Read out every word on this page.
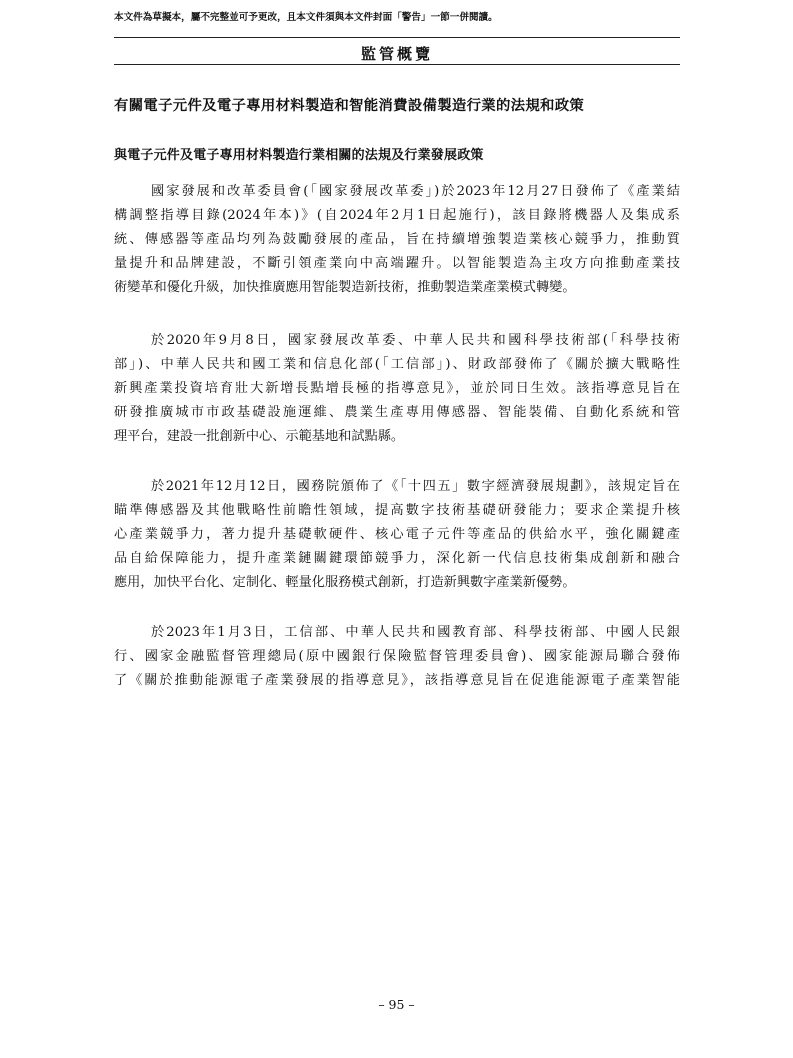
本文件為草擬本，屬不完整並可予更改，且本文件須與本文件封面「警告」一節一併閱讀。
監管概覽
有關電子元件及電子專用材料製造和智能消費設備製造行業的法規和政策
與電子元件及電子專用材料製造行業相關的法規及行業發展政策
國家發展和改革委員會(「國家發展改革委」)於2023年12月27日發佈了《產業結
構調整指導目錄(2024年本)》(自2024年2月1日起施行)，該目錄將機器人及集成系
統、傳感器等產品均列為鼓勵發展的產品，旨在持續增強製造業核心競爭力，推動質
量提升和品牌建設，不斷引領產業向中高端躍升。以智能製造為主攻方向推動產業技
術變革和優化升級，加快推廣應用智能製造新技術，推動製造業產業模式轉變。
於2020年9月8日，國家發展改革委、中華人民共和國科學技術部(「科學技術
部」)、中華人民共和國工業和信息化部(「工信部」)、財政部發佈了《關於擴大戰略性
新興產業投資培育壯大新增長點增長極的指導意見》，並於同日生效。該指導意見旨在
研發推廣城市市政基礎設施運維、農業生產專用傳感器、智能裝備、自動化系統和管
理平台，建設一批創新中心、示範基地和試點縣。
於2021年12月12日，國務院頒佈了《「十四五」數字經濟發展規劃》，該規定旨在
瞄準傳感器及其他戰略性前瞻性領域，提高數字技術基礎研發能力；要求企業提升核
心產業競爭力，著力提升基礎軟硬件、核心電子元件等產品的供給水平，強化關鍵產
品自給保障能力，提升產業鏈關鍵環節競爭力，深化新一代信息技術集成創新和融合
應用，加快平台化、定制化、輕量化服務模式創新，打造新興數字產業新優勢。
於2023年1月3日，工信部、中華人民共和國教育部、科學技術部、中國人民銀
行、國家金融監督管理總局(原中國銀行保險監督管理委員會)、國家能源局聯合發佈
了《關於推動能源電子產業發展的指導意見》，該指導意見旨在促進能源電子產業智能
– 95 –
